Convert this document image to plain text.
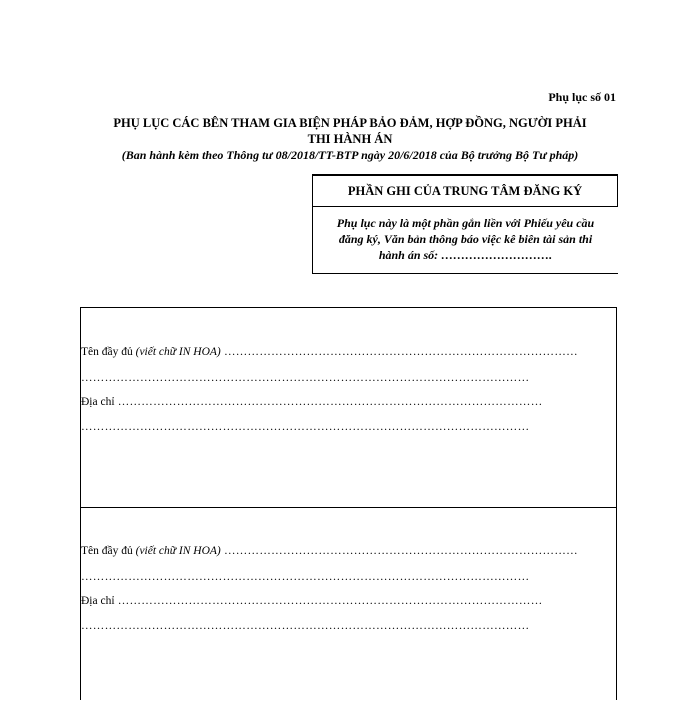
Phụ lục số 01
PHỤ LỤC CÁC BÊN THAM GIA BIỆN PHÁP BẢO ĐẢM, HỢP ĐỒNG, NGƯỜI PHẢI
THI HÀNH ÁN
(Ban hành kèm theo Thông tư 08/2018/TT-BTP ngày 20/6/2018 của Bộ trưởng Bộ Tư pháp)
PHẦN GHI CỦA TRUNG TÂM ĐĂNG KÝ
Phụ lục này là một phần gắn liền với Phiếu yêu cầu
đăng ký, Văn bản thông báo việc kê biên tài sản thi
hành án số: ……………………….
Tên đầy đủ (viết chữ IN HOA) ………………………………………………………………………………
……………………………………………………………………………………………………
Địa chỉ ………………………………………………………………………………………………
……………………………………………………………………………………………………
Tên đầy đủ (viết chữ IN HOA) ………………………………………………………………………………
……………………………………………………………………………………………………
Địa chỉ ………………………………………………………………………………………………
……………………………………………………………………………………………………
